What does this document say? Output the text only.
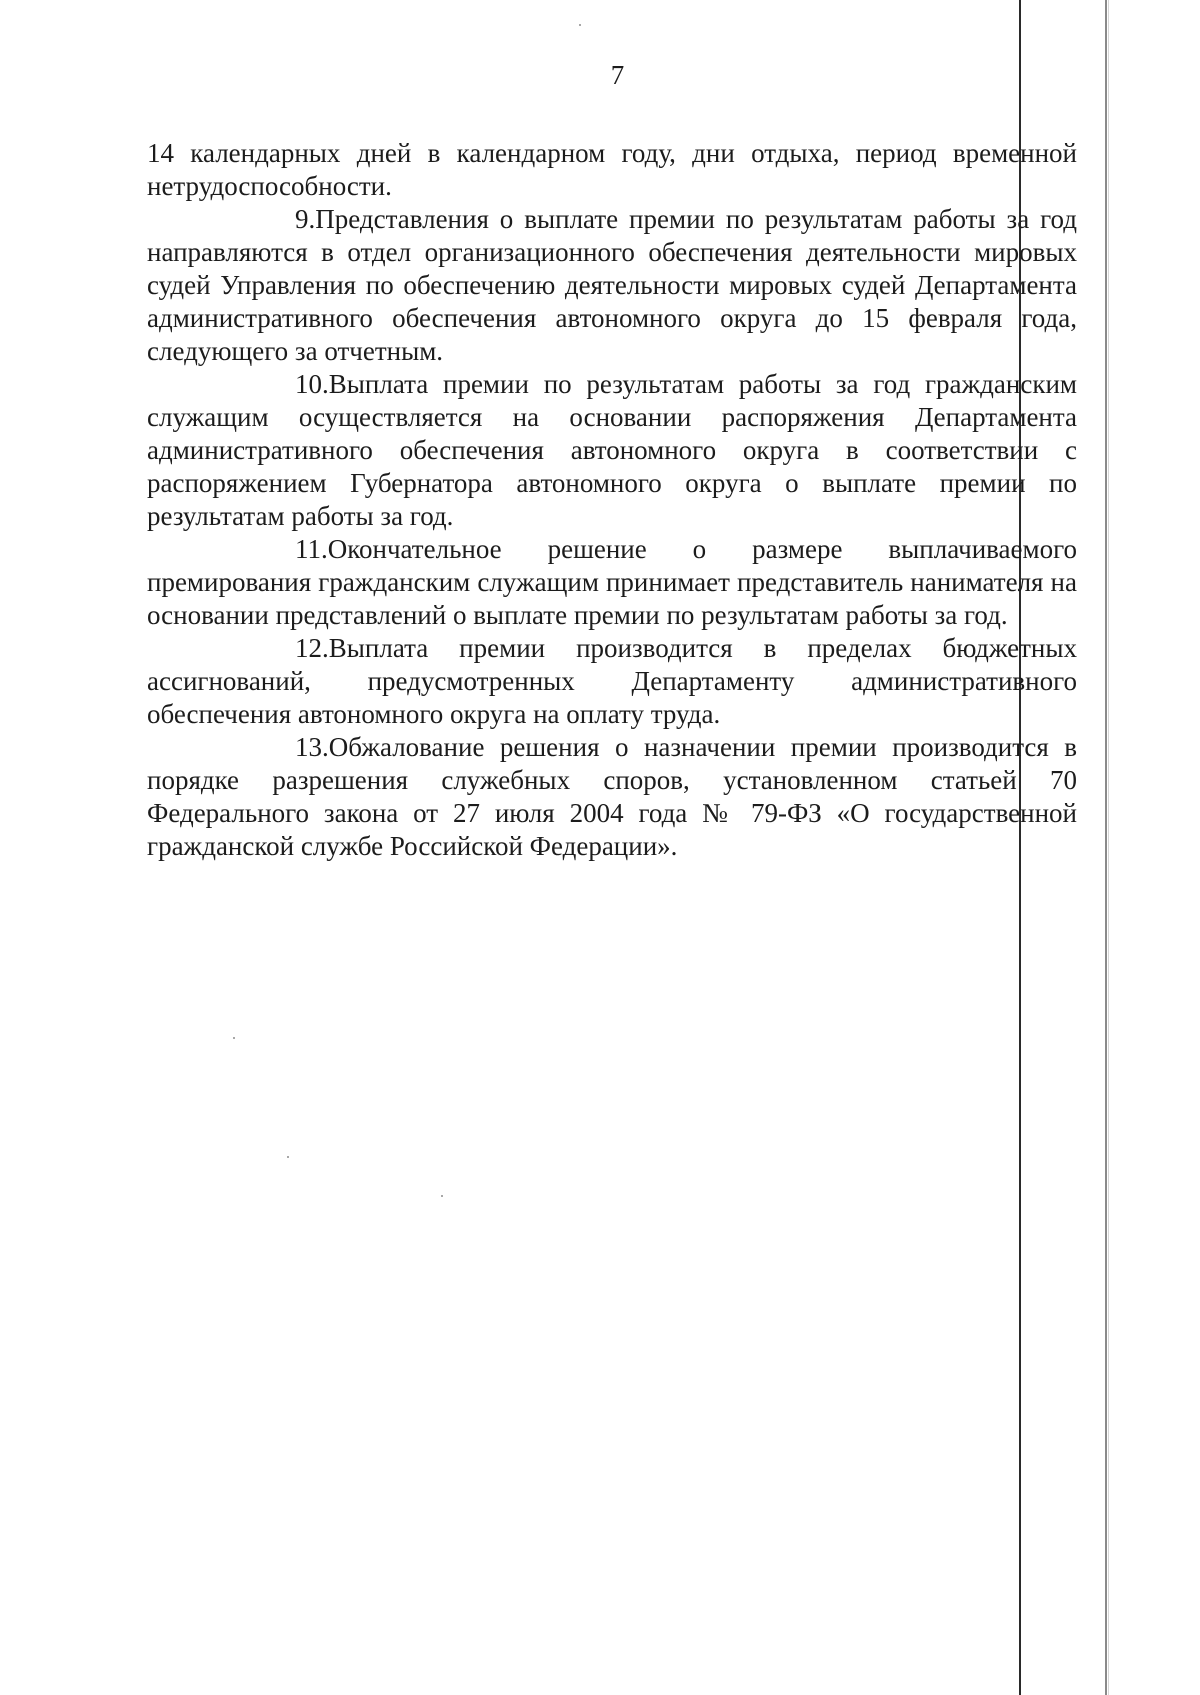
7

14 календарных дней в календарном году, дни отдыха, период временной нетрудоспособности.

9.Представления о выплате премии по результатам работы за год направляются в отдел организационного обеспечения деятельности мировых судей Управления по обеспечению деятельности мировых судей Департамента административного обеспечения автономного округа до 15 февраля года, следующего за отчетным.

10.Выплата премии по результатам работы за год гражданским служащим осуществляется на основании распоряжения Департамента административного обеспечения автономного округа в соответствии с распоряжением Губернатора автономного округа о выплате премии по результатам работы за год.

11.Окончательное решение о размере выплачиваемого премирования гражданским служащим принимает представитель нанимателя на основании представлений о выплате премии по результатам работы за год.

12.Выплата премии производится в пределах бюджетных ассигнований, предусмотренных Департаменту административного обеспечения автономного округа на оплату труда.

13.Обжалование решения о назначении премии производится в порядке разрешения служебных споров, установленном статьей 70 Федерального закона от 27 июля 2004 года № 79-ФЗ «О государственной гражданской службе Российской Федерации».
